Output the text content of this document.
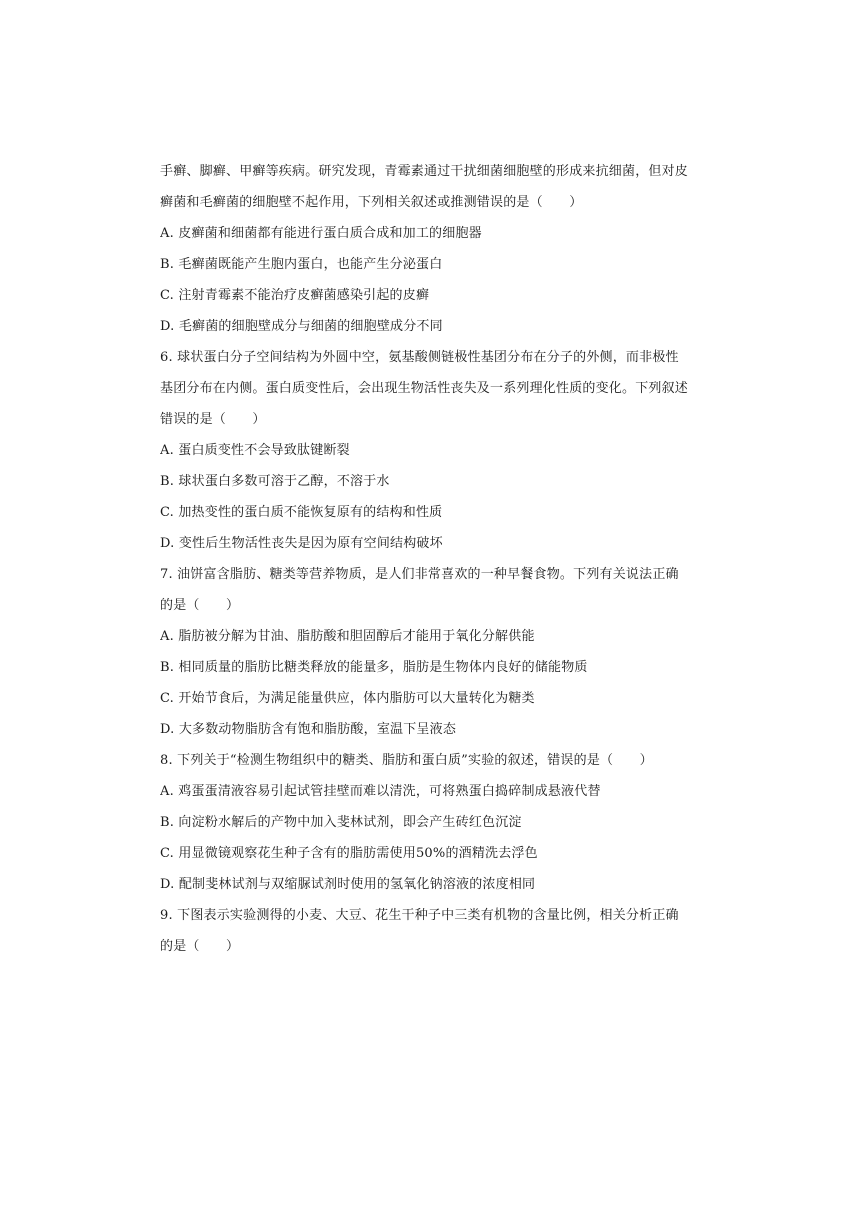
手癣、脚癣、甲癣等疾病。研究发现，青霉素通过干扰细菌细胞壁的形成来抗细菌，但对皮
癣菌和毛癣菌的细胞壁不起作用，下列相关叙述或推测错误的是（　　）
A. 皮癣菌和细菌都有能进行蛋白质合成和加工的细胞器
B. 毛癣菌既能产生胞内蛋白，也能产生分泌蛋白
C. 注射青霉素不能治疗皮癣菌感染引起的皮癣
D. 毛癣菌的细胞壁成分与细菌的细胞壁成分不同
6. 球状蛋白分子空间结构为外圆中空，氨基酸侧链极性基团分布在分子的外侧，而非极性
基团分布在内侧。蛋白质变性后，会出现生物活性丧失及一系列理化性质的变化。下列叙述
错误的是（　　）
A. 蛋白质变性不会导致肽键断裂
B. 球状蛋白多数可溶于乙醇，不溶于水
C. 加热变性的蛋白质不能恢复原有的结构和性质
D. 变性后生物活性丧失是因为原有空间结构破坏
7. 油饼富含脂肪、糖类等营养物质，是人们非常喜欢的一种早餐食物。下列有关说法正确
的是（　　）
A. 脂肪被分解为甘油、脂肪酸和胆固醇后才能用于氧化分解供能
B. 相同质量的脂肪比糖类释放的能量多，脂肪是生物体内良好的储能物质
C. 开始节食后，为满足能量供应，体内脂肪可以大量转化为糖类
D. 大多数动物脂肪含有饱和脂肪酸，室温下呈液态
8. 下列关于“检测生物组织中的糖类、脂肪和蛋白质”实验的叙述，错误的是（　　）
A. 鸡蛋蛋清液容易引起试管挂壁而难以清洗，可将熟蛋白捣碎制成悬液代替
B. 向淀粉水解后的产物中加入斐林试剂，即会产生砖红色沉淀
C. 用显微镜观察花生种子含有的脂肪需使用50%的酒精洗去浮色
D. 配制斐林试剂与双缩脲试剂时使用的氢氧化钠溶液的浓度相同
9. 下图表示实验测得的小麦、大豆、花生干种子中三类有机物的含量比例，相关分析正确
的是（　　）
